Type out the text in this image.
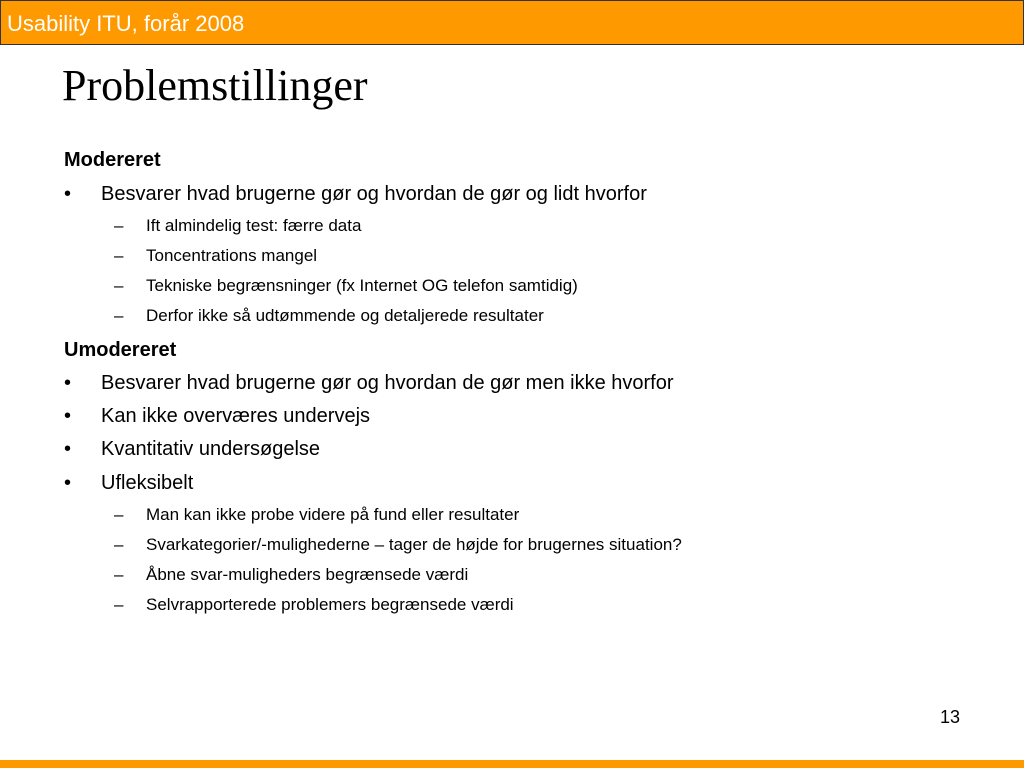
Usability ITU, forår 2008
Problemstillinger
Modereret
• Besvarer hvad brugerne gør og hvordan de gør og lidt hvorfor
– Ift almindelig test: færre data
– Toncentrations mangel
– Tekniske begrænsninger (fx Internet OG telefon samtidig)
– Derfor ikke så udtømmende og detaljerede resultater
Umodereret
• Besvarer hvad brugerne gør og hvordan de gør men ikke hvorfor
• Kan ikke overværes undervejs
• Kvantitativ undersøgelse
• Ufleksibelt
– Man kan ikke probe videre på fund eller resultater
– Svarkategorier/-mulighederne – tager de højde for brugernes situation?
– Åbne svar-muligheders begrænsede værdi
– Selvrapporterede problemers begrænsede værdi
13
